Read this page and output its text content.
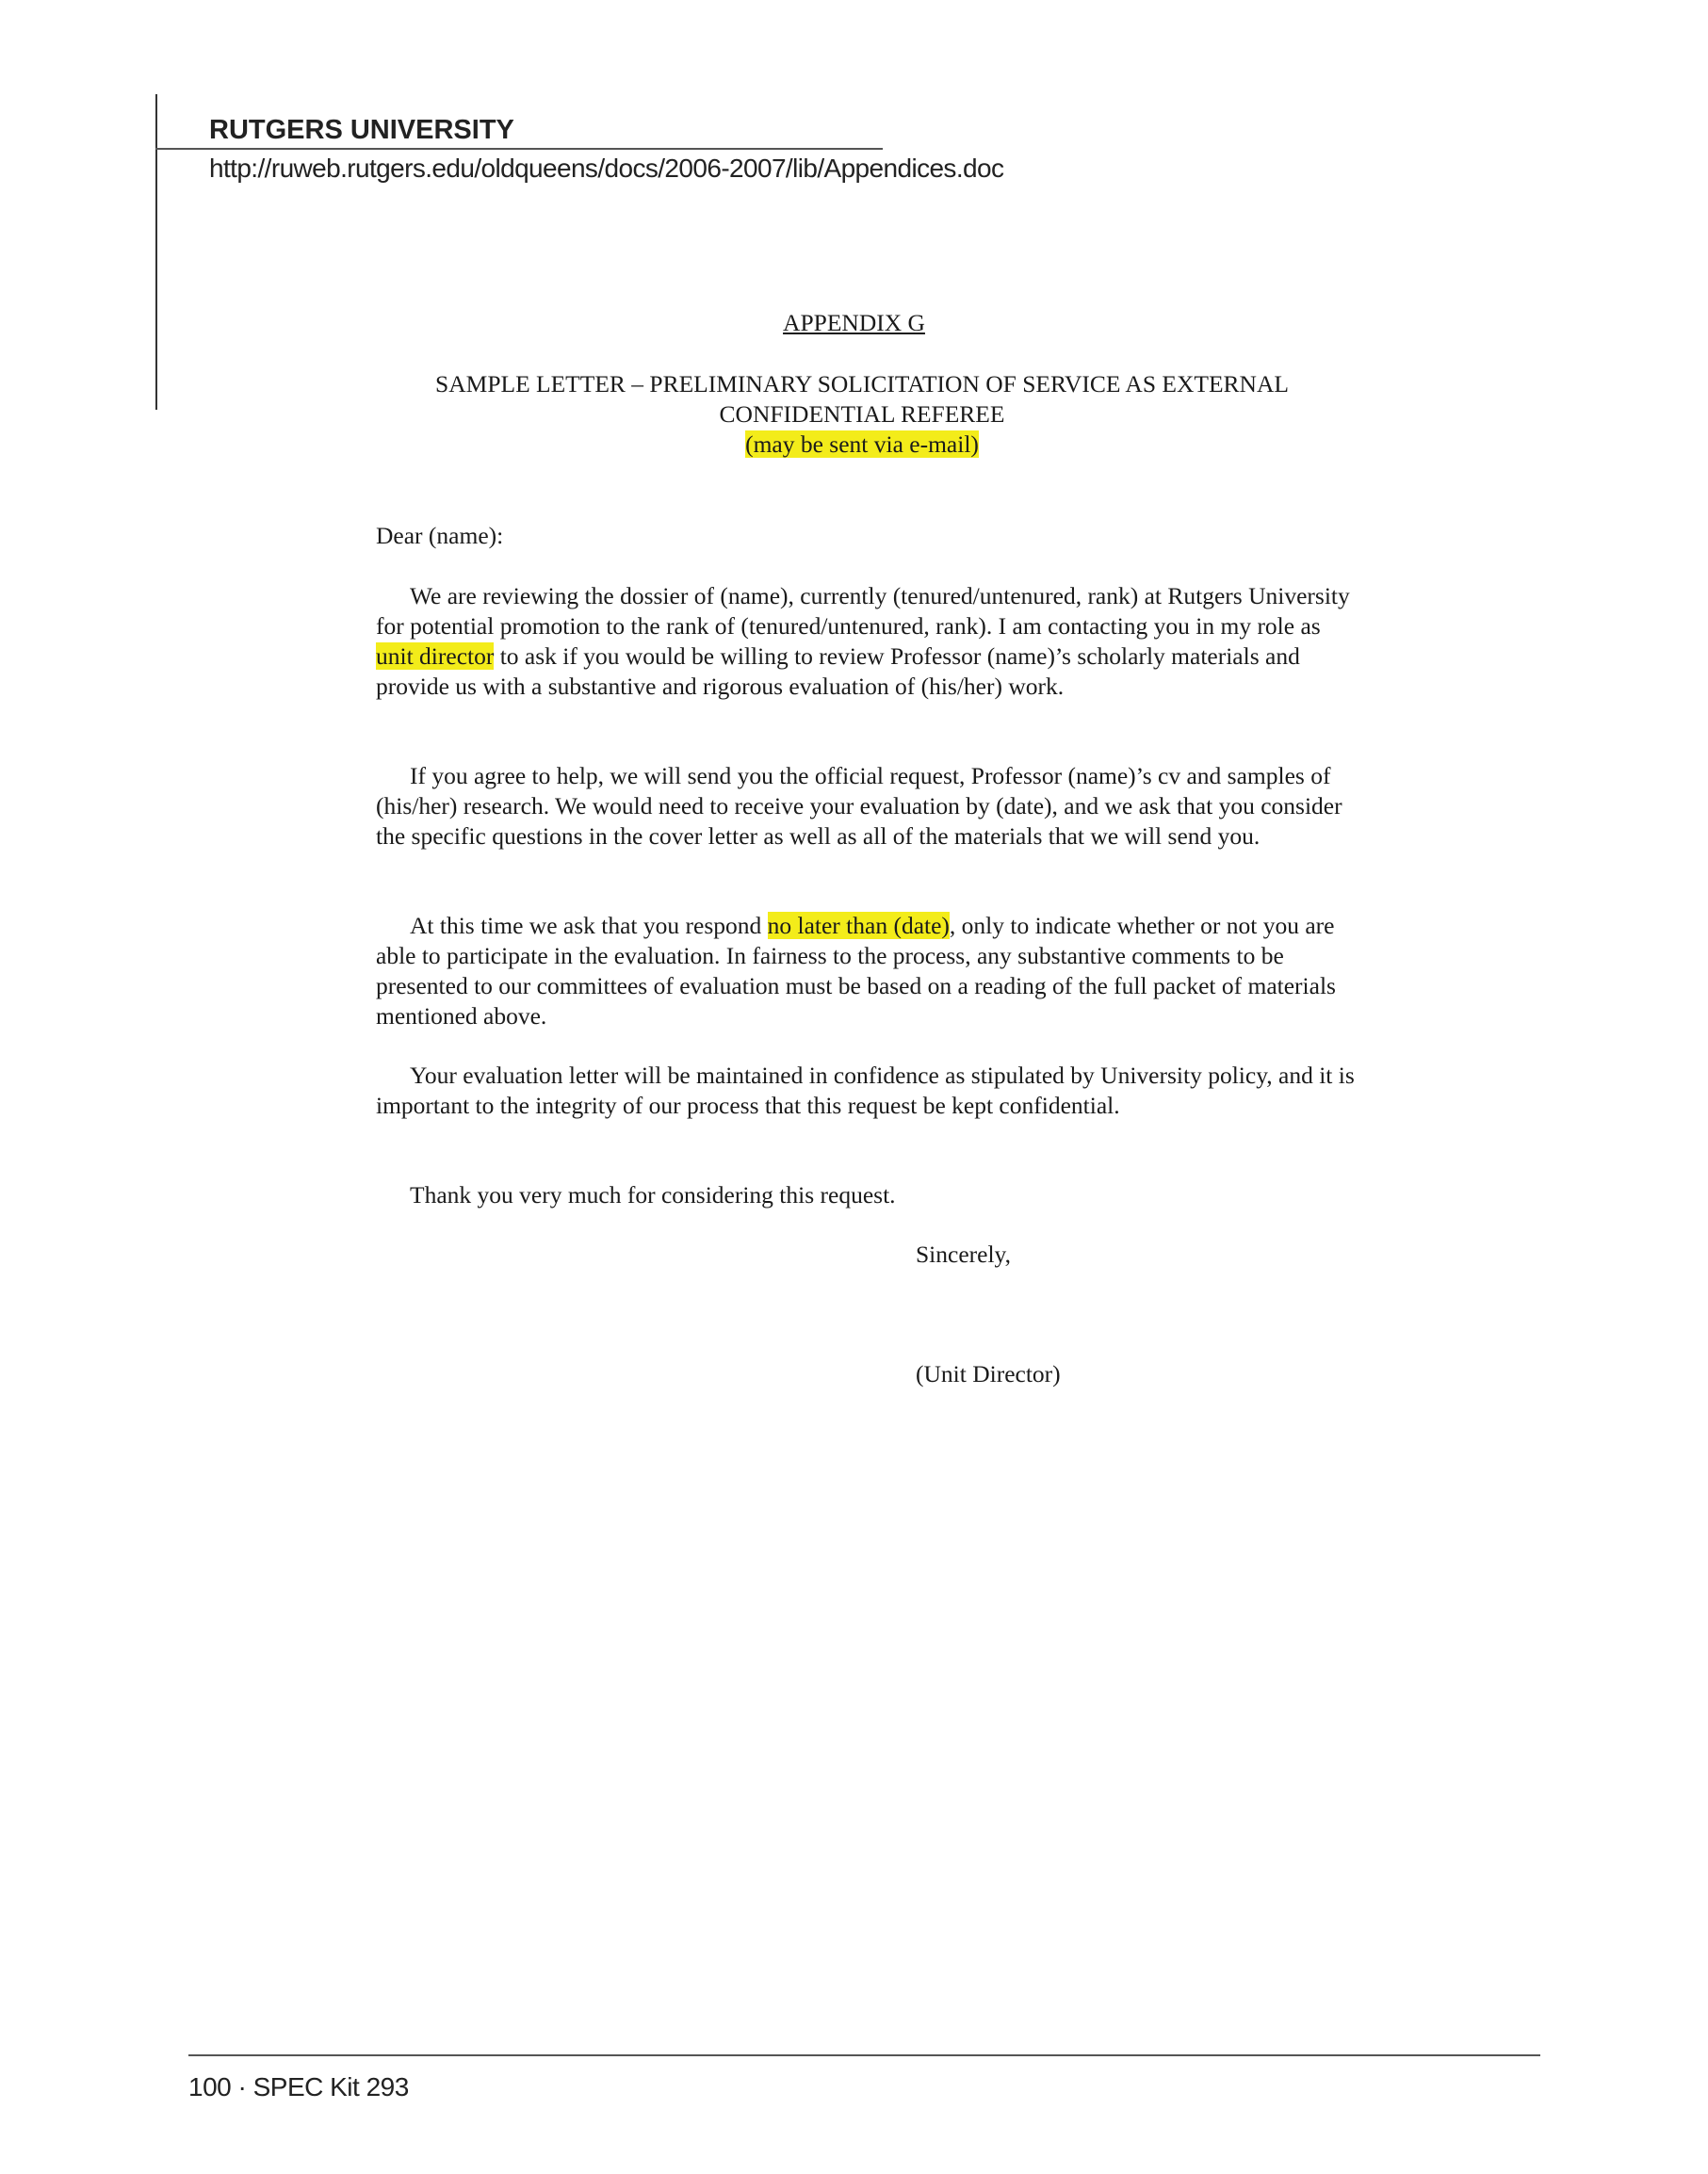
RUTGERS UNIVERSITY
http://ruweb.rutgers.edu/oldqueens/docs/2006-2007/lib/Appendices.doc
APPENDIX G
SAMPLE LETTER – PRELIMINARY SOLICITATION OF SERVICE AS EXTERNAL
CONFIDENTIAL REFEREE
(may be sent via e-mail)
Dear (name):
We are reviewing the dossier of (name), currently (tenured/untenured, rank) at Rutgers University for potential promotion to the rank of (tenured/untenured, rank). I am contacting you in my role as unit director to ask if you would be willing to review Professor (name)’s scholarly materials and provide us with a substantive and rigorous evaluation of (his/her) work.
If you agree to help, we will send you the official request, Professor (name)’s cv and samples of (his/her) research. We would need to receive your evaluation by (date), and we ask that you consider the specific questions in the cover letter as well as all of the materials that we will send you.
At this time we ask that you respond no later than (date), only to indicate whether or not you are able to participate in the evaluation. In fairness to the process, any substantive comments to be presented to our committees of evaluation must be based on a reading of the full packet of materials mentioned above.
Your evaluation letter will be maintained in confidence as stipulated by University policy, and it is important to the integrity of our process that this request be kept confidential.
Thank you very much for considering this request.
Sincerely,
(Unit Director)
100 · SPEC Kit 293
